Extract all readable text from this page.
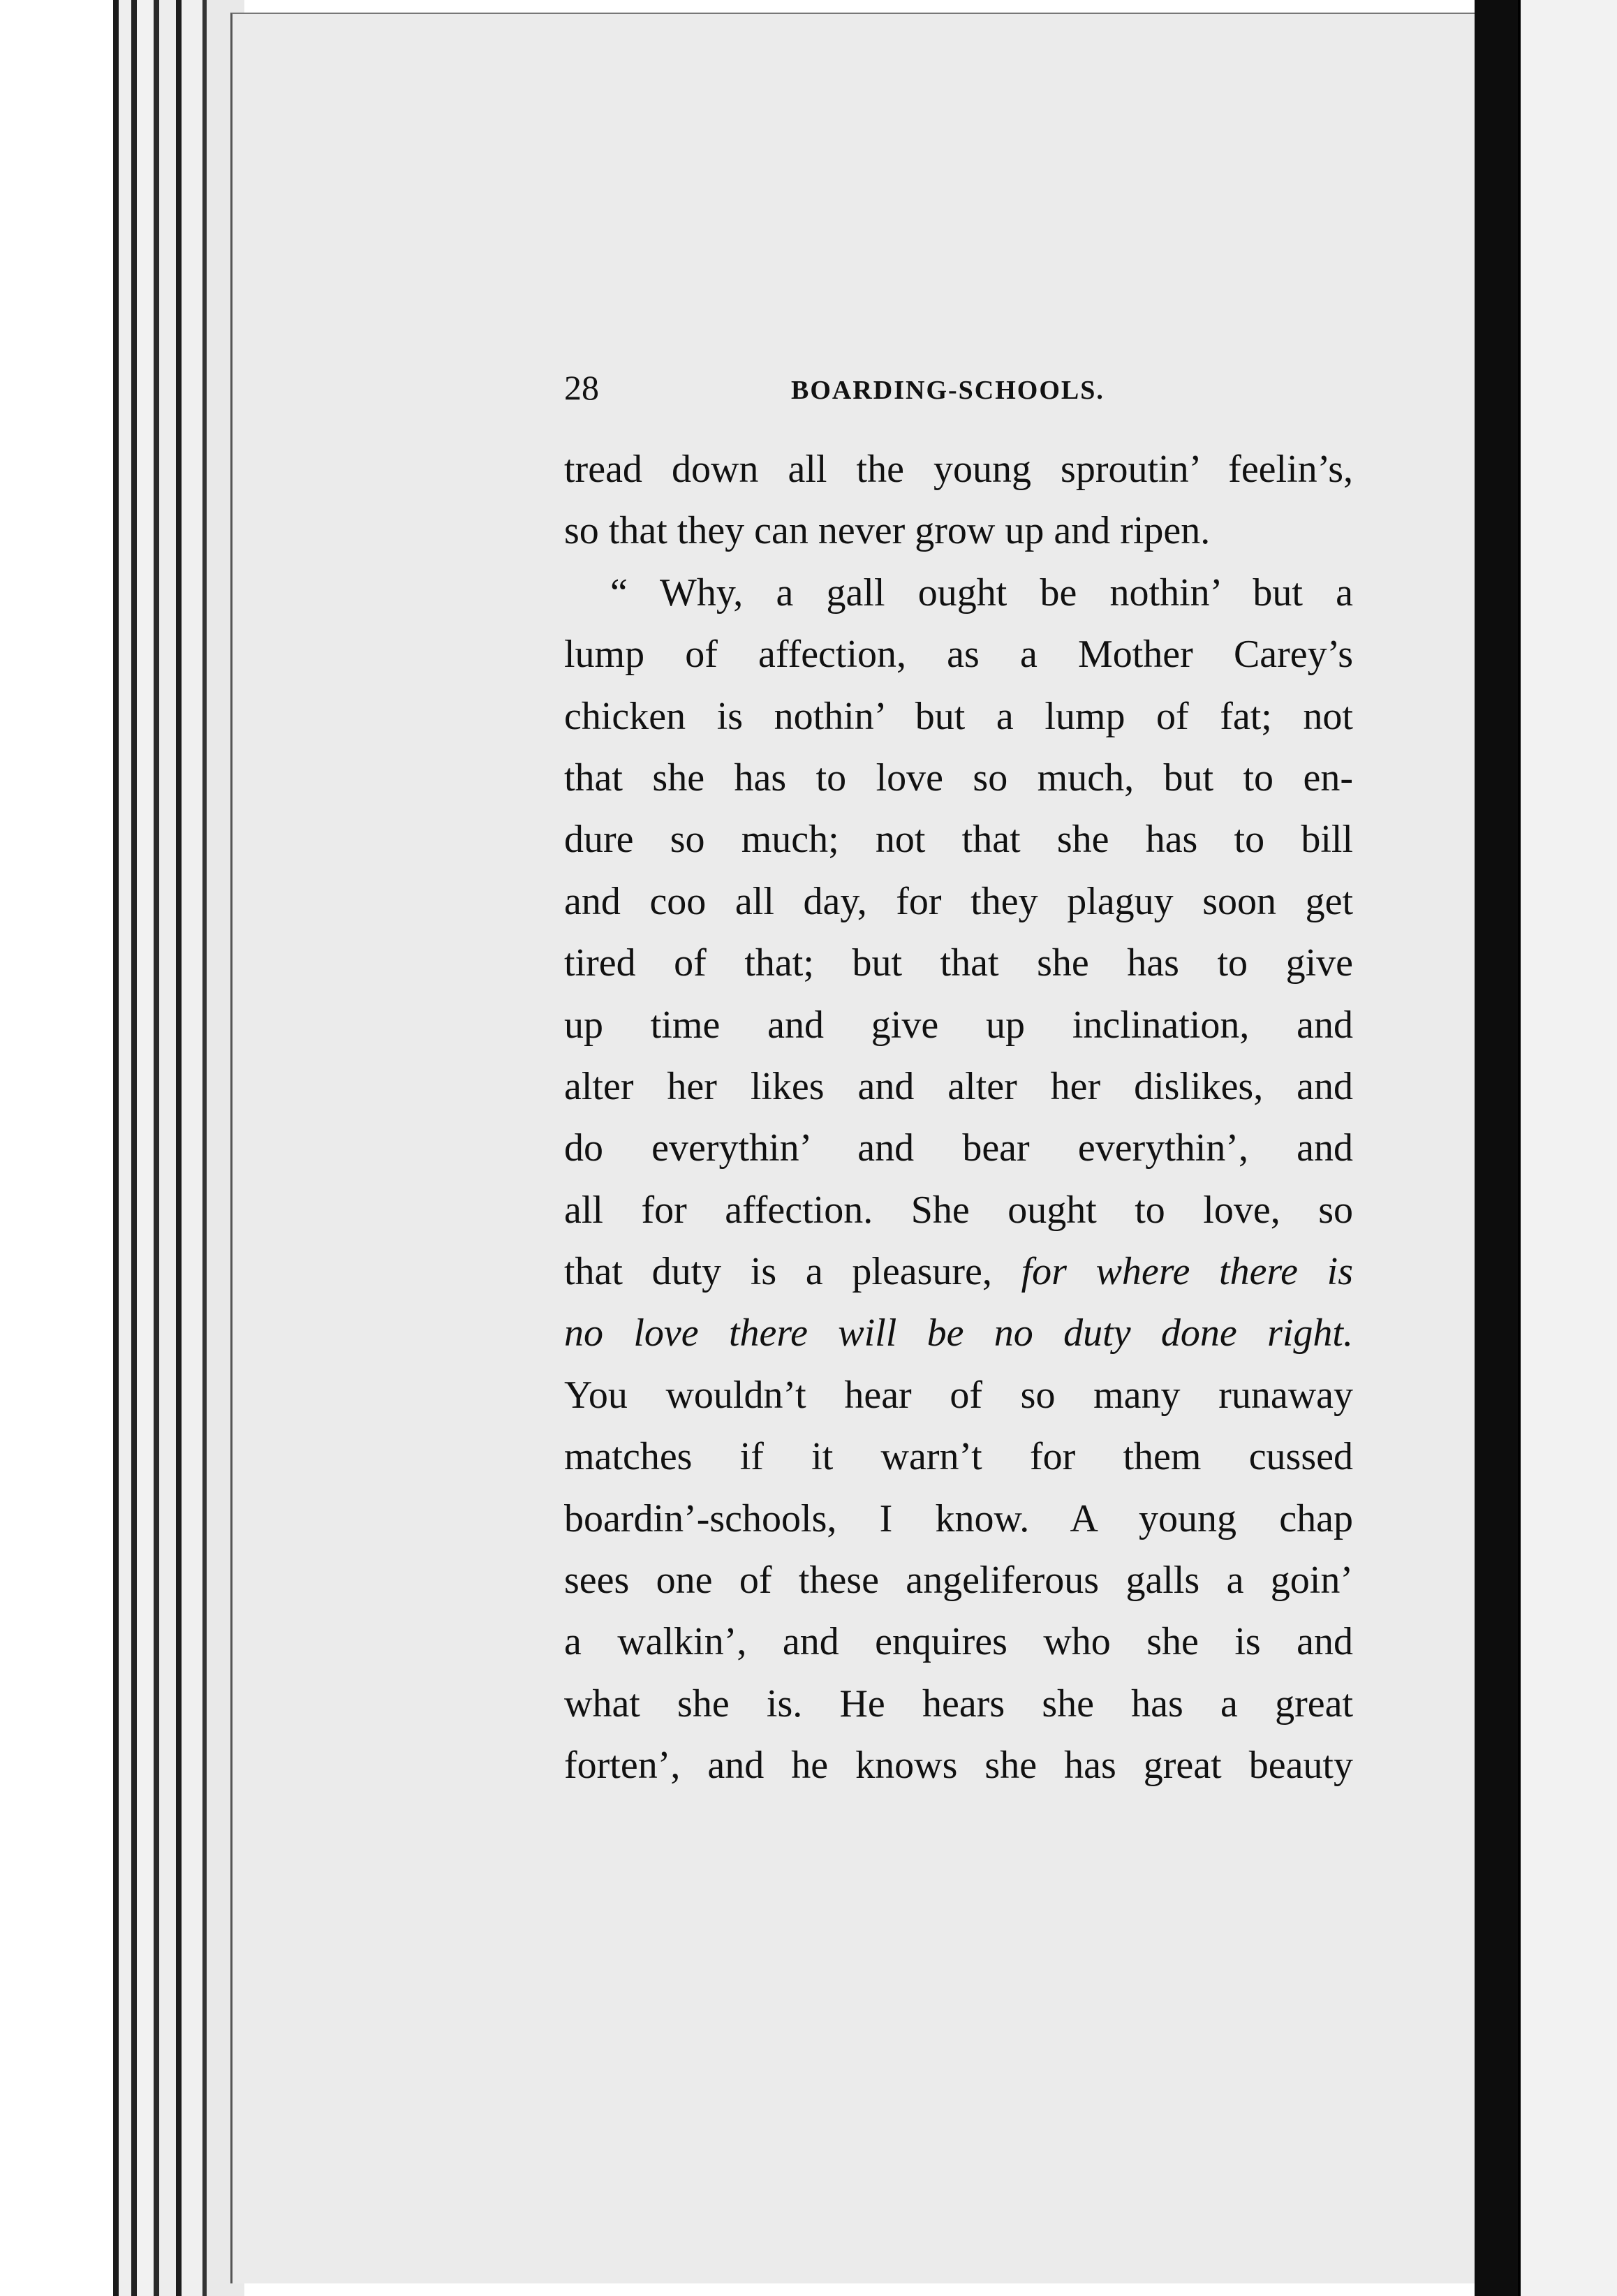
28	BOARDING-SCHOOLS.
tread down all the young sproutin’ feelin’s,
so that they can never grow up and ripen.
“ Why, a gall ought be nothin’ but a
lump of affection, as a Mother Carey’s
chicken is nothin’ but a lump of fat; not
that she has to love so much, but to en-
dure so much; not that she has to bill
and coo all day, for they plaguy soon get
tired of that; but that she has to give
up time and give up inclination, and
alter her likes and alter her dislikes, and
do everythin’ and bear everythin’, and
all for affection. She ought to love, so
that duty is a pleasure, for where there is
no love there will be no duty done right.
You wouldn’t hear of so many runaway
matches if it warn’t for them cussed
boardin’-schools, I know. A young chap
sees one of these angeliferous galls a goin’
a walkin’, and enquires who she is and
what she is. He hears she has a great
forten’, and he knows she has great beauty
